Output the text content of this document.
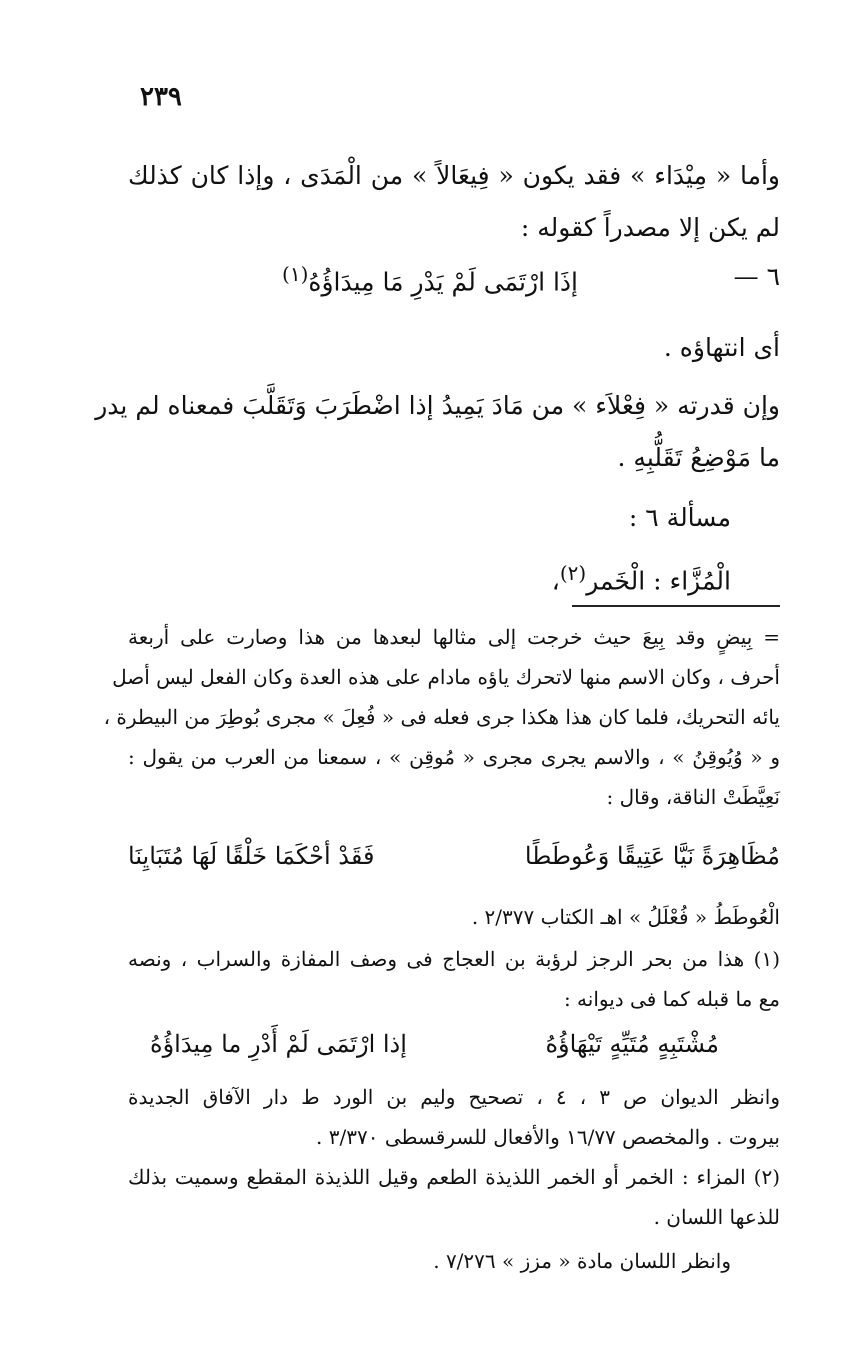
٢٣٩
وأما « مِيْدَاء » فقد يكون « فِيعَالاً » من الْمَدَى ، وإذا كان كذلك
لم يكن إلا مصدراً كقوله :
٦ —
إذَا ارْتَمَى لَمْ يَدْرِ مَا مِيدَاؤُهُ$^{(١)}$
أى انتهاؤه .
وإن قدرته « فِعْلاَء » من مَادَ يَمِيدُ إذا اضْطَرَبَ وَتَقَلَّبَ فمعناه لم يدر
ما مَوْضِعُ تَقَلُّبِهِ .
مسألة ٦ :
الْمُزَّاء : الْخَمر$^{(٢)}$،
= بِيضٍ وقد بِيعَ حيث خرجت إلى مثالها لبعدها من هذا وصارت على أربعة
أحرف ، وكان الاسم منها لاتحرك ياؤه مادام على هذه العدة وكان الفعل ليس أصل
يائه التحريك، فلما كان هذا هكذا جرى فعله فى « فُعِلَ » مجرى بُوطِرَ من البيطرة ،
و « وُيُوقِنُ » ، والاسم يجرى مجرى « مُوقِن » ، سمعنا من العرب من يقول :
نَعِيَّطَتْ الناقة، وقال :
مُظَاهِرَةً نَيَّا عَتِيقًا وَعُوطَطًا
فَقَدْ أحْكَمَا خَلْقًا لَهَا مُتَبَايِنَا
الْعُوطَطُ « فُعْلَلُ » اهـ الكتاب ٢/٣٧٧ .
(١) هذا من بحر الرجز لرؤبة بن العجاج فى وصف المفازة والسراب ، ونصه
مع ما قبله كما فى ديوانه :
مُشْتَبِهٍ مُتَيِّهٍ تَيْهَاؤُهُ
إذا ارْتَمَى لَمْ أَدْرِ ما مِيدَاؤُهُ
وانظر الديوان ص ٣ ، ٤ ، تصحيح وليم بن الورد ط دار الآفاق الجديدة
بيروت . والمخصص ١٦/٧٧ والأفعال للسرقسطى ٣/٣٧٠ .
(٢) المزاء : الخمر أو الخمر اللذيذة الطعم وقيل اللذيذة المقطع وسميت بذلك
للذعها اللسان .
وانظر اللسان مادة « مزز » ٧/٢٧٦ .
